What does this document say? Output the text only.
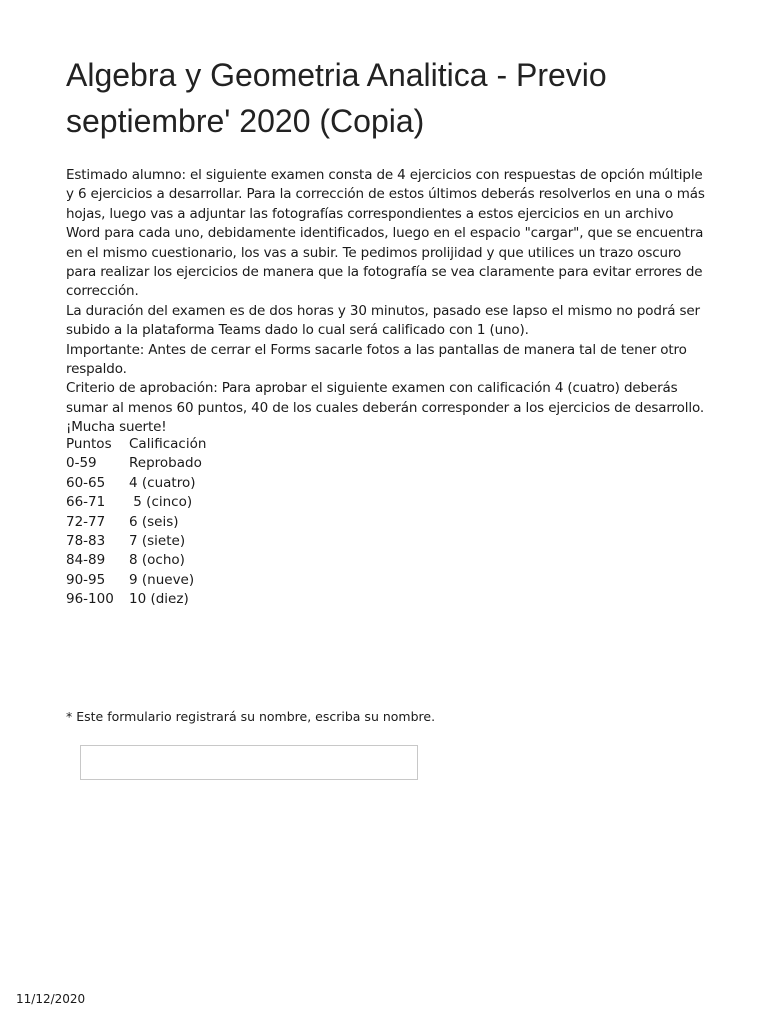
Algebra y Geometria Analitica - Previo septiembre' 2020 (Copia)

Estimado alumno: el siguiente examen consta de 4 ejercicios con respuestas de opción múltiple y 6 ejercicios a desarrollar. Para la corrección de estos últimos deberás resolverlos en una o más hojas, luego vas a adjuntar las fotografías correspondientes a estos ejercicios en un archivo Word para cada uno, debidamente identificados, luego en el espacio "cargar", que se encuentra en el mismo cuestionario, los vas a subir. Te pedimos prolijidad y que utilices un trazo oscuro para realizar los ejercicios de manera que la fotografía se vea claramente para evitar errores de corrección.

La duración del examen es de dos horas y 30 minutos, pasado ese lapso el mismo no podrá ser subido a la plataforma Teams dado lo cual será calificado con 1 (uno).

Importante: Antes de cerrar el Forms sacarle fotos a las pantallas de manera tal de tener otro respaldo.

Criterio de aprobación: Para aprobar el siguiente examen con calificación 4 (cuatro) deberás sumar al menos 60 puntos, 40 de los cuales deberán corresponder a los ejercicios de desarrollo. ¡Mucha suerte!

Puntos	Calificación
0-59	Reprobado
60-65	4 (cuatro)
66-71	5 (cinco)
72-77	6 (seis)
78-83	7 (siete)
84-89	8 (ocho)
90-95	9 (nueve)
96-100	10 (diez)
* Este formulario registrará su nombre, escriba su nombre.
11/12/2020
